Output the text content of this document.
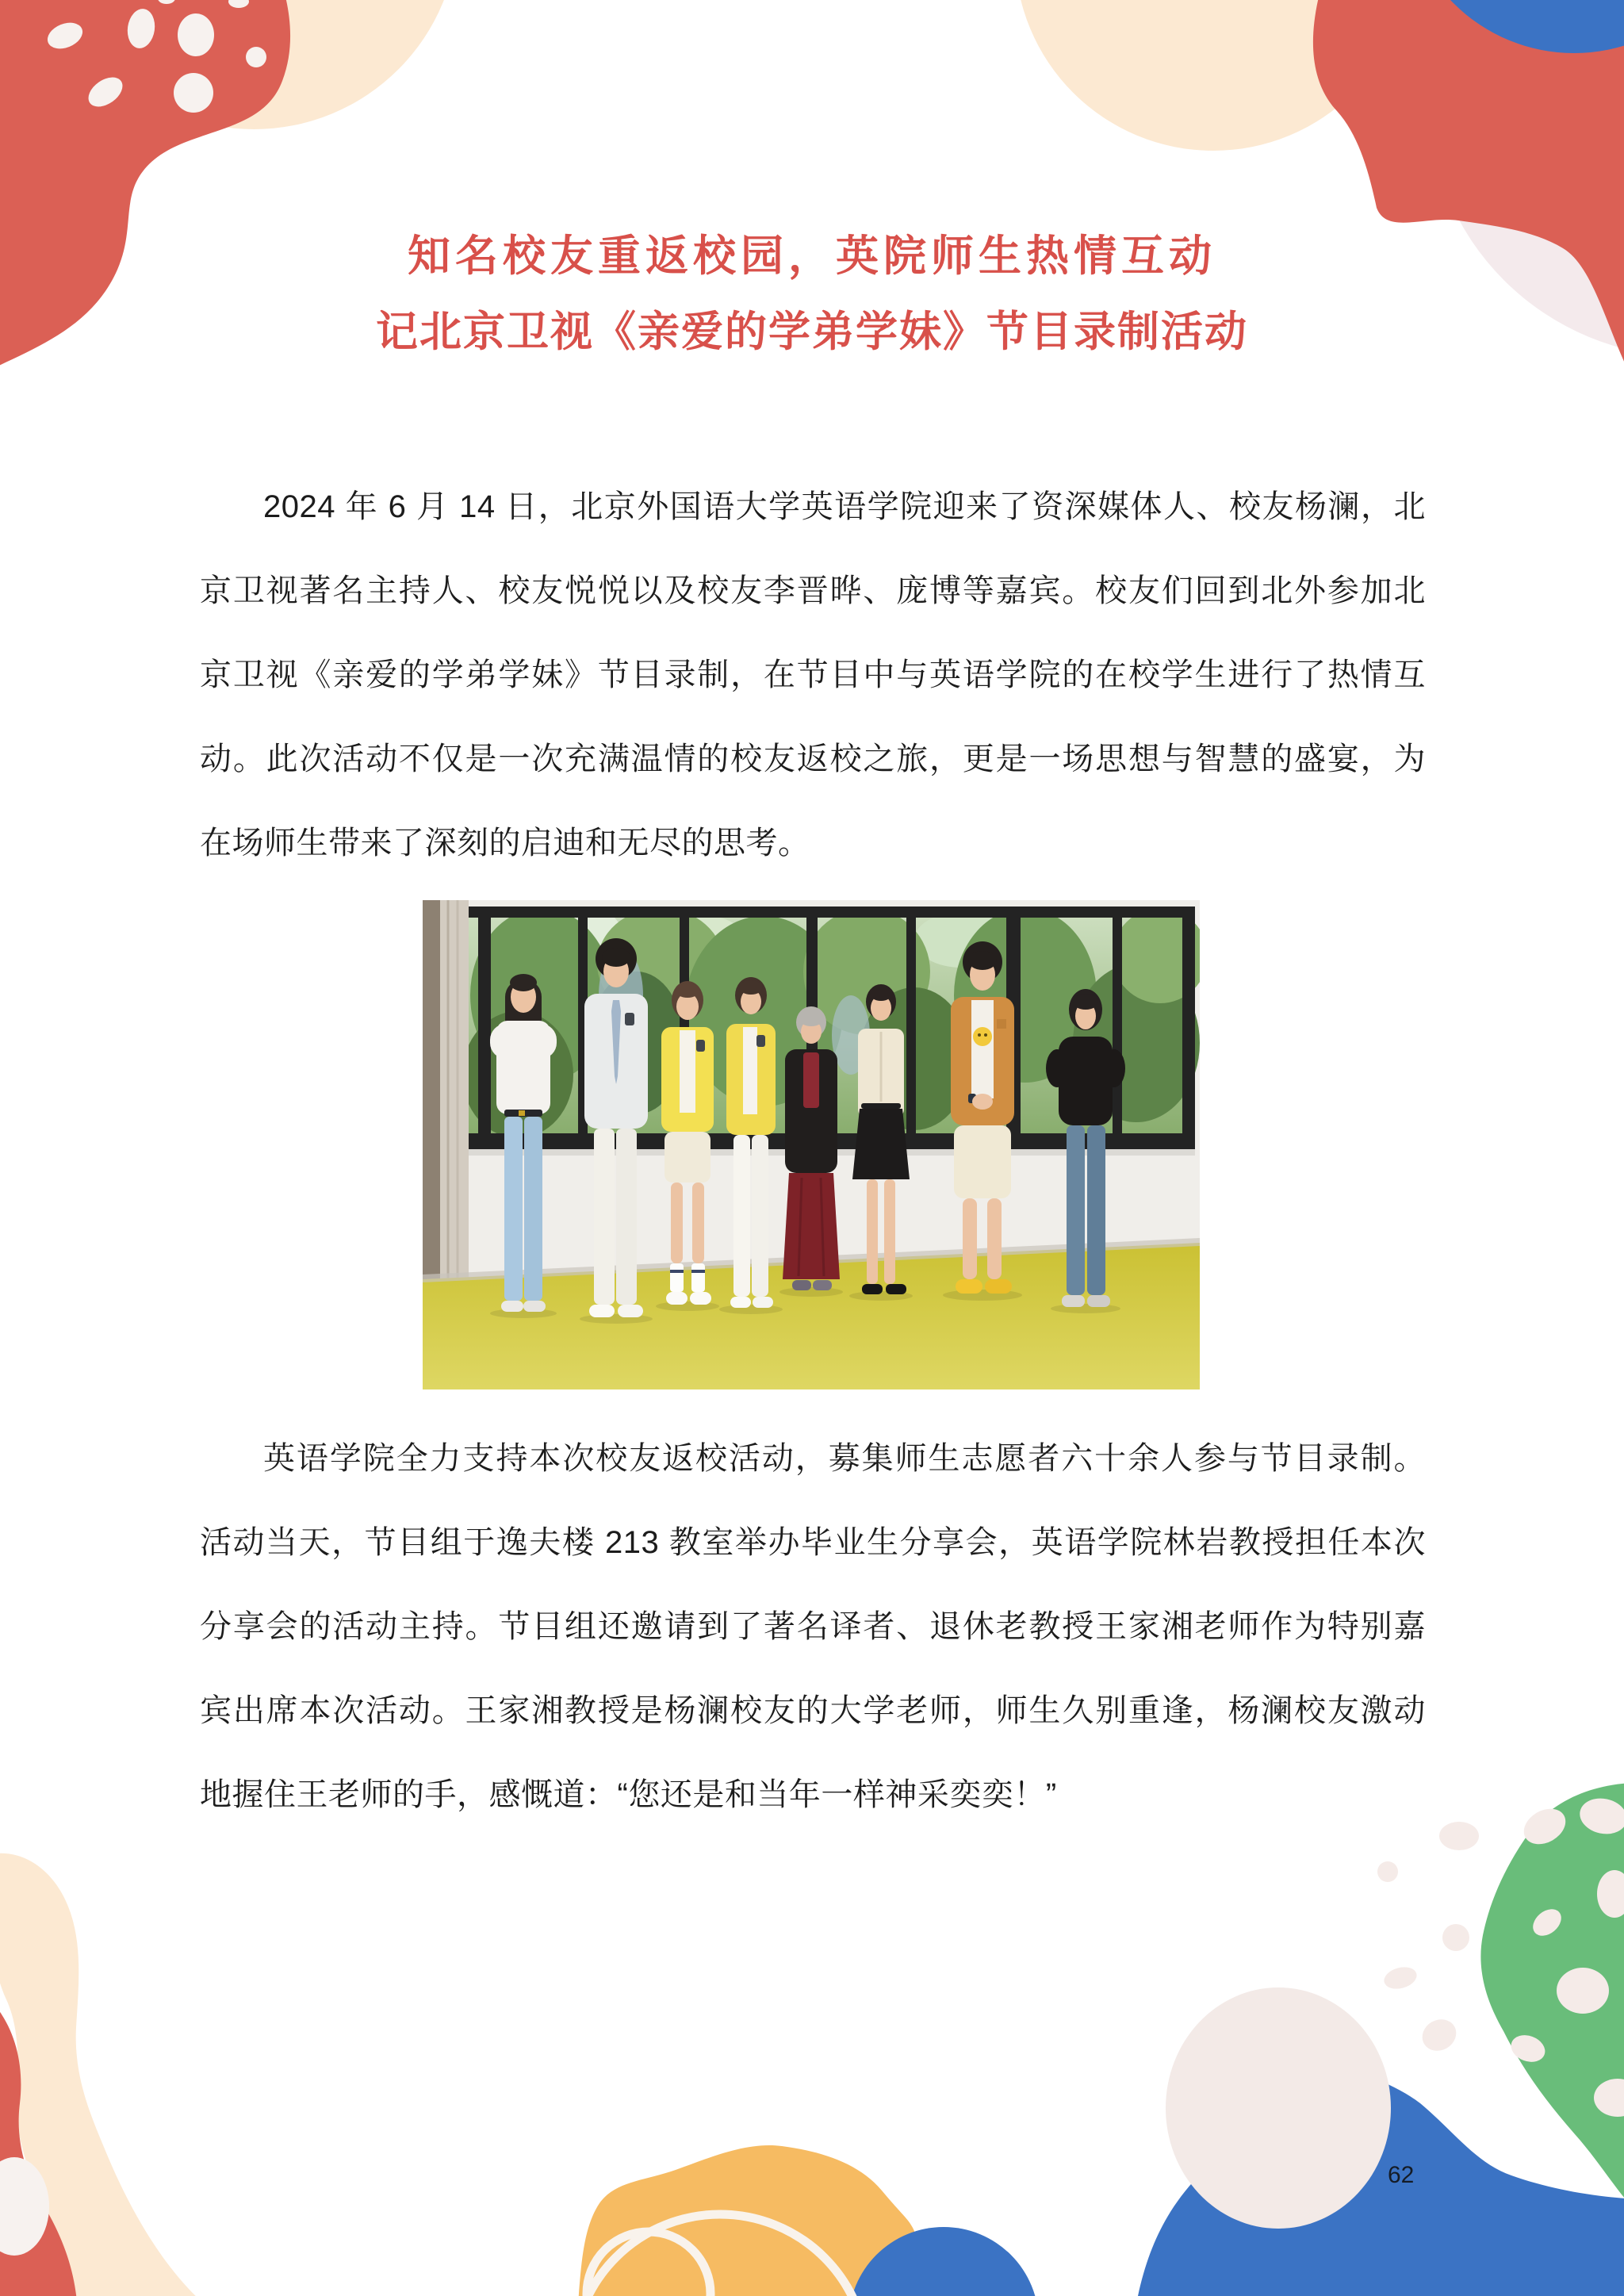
知名校友重返校园，英院师生热情互动
记北京卫视《亲爱的学弟学妹》节目录制活动
2024 年 6 月 14 日，北京外国语大学英语学院迎来了资深媒体人、校友杨澜，北
京卫视著名主持人、校友悦悦以及校友李晋晔、庞博等嘉宾。校友们回到北外参加北
京卫视《亲爱的学弟学妹》节目录制，在节目中与英语学院的在校学生进行了热情互
动。此次活动不仅是一次充满温情的校友返校之旅，更是一场思想与智慧的盛宴，为
在场师生带来了深刻的启迪和无尽的思考。
英语学院全力支持本次校友返校活动，募集师生志愿者六十余人参与节目录制。
活动当天，节目组于逸夫楼 213 教室举办毕业生分享会，英语学院林岩教授担任本次
分享会的活动主持。节目组还邀请到了著名译者、退休老教授王家湘老师作为特别嘉
宾出席本次活动。王家湘教授是杨澜校友的大学老师，师生久别重逢，杨澜校友激动
地握住王老师的手，感慨道：“您还是和当年一样神采奕奕！”
62
